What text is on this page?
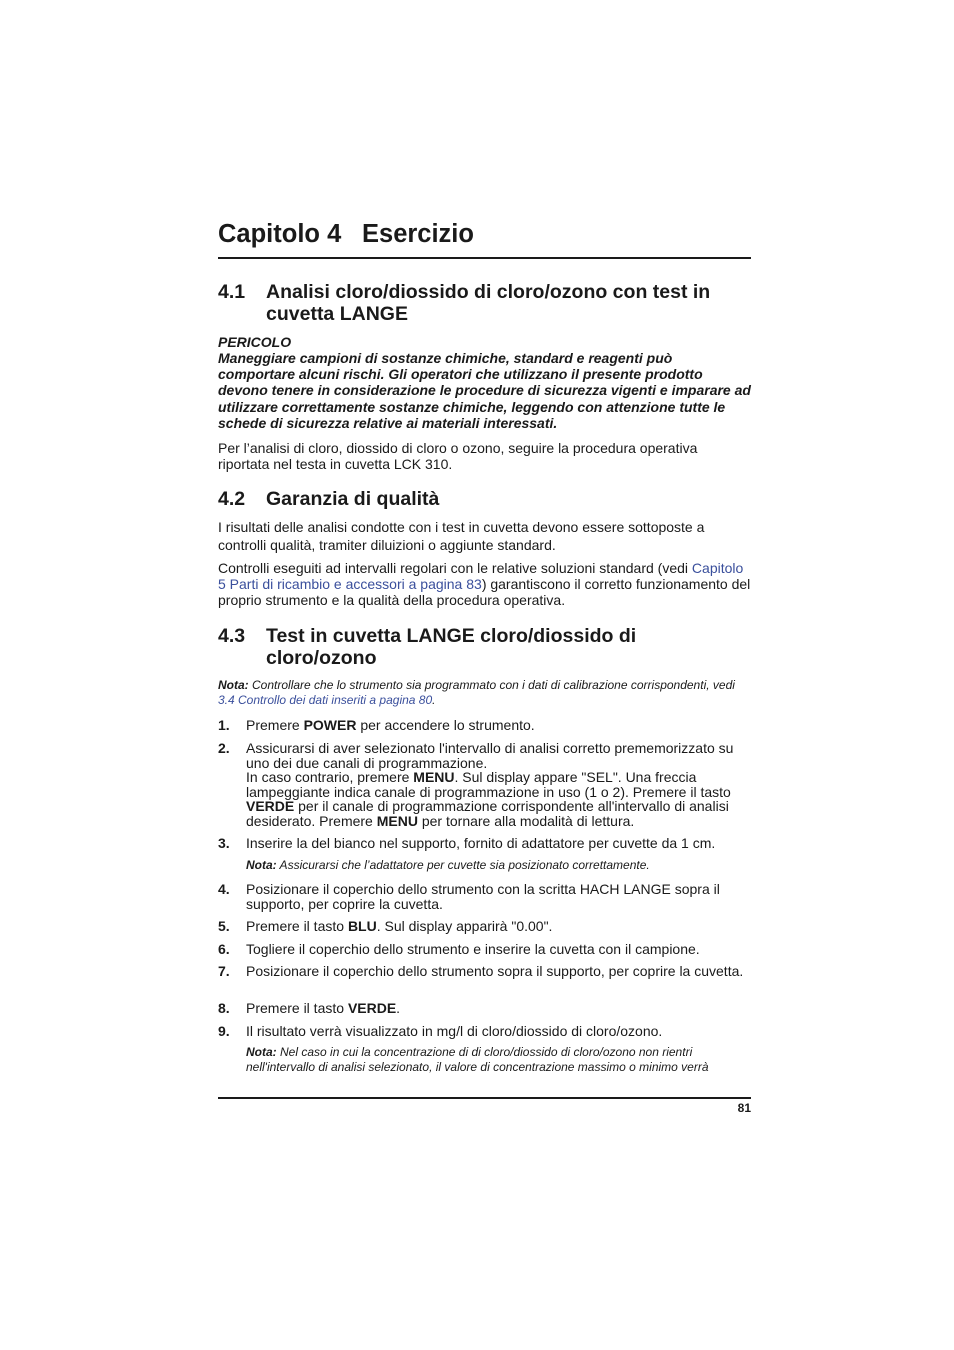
Capitolo 4 Esercizio
4.1	Analisi cloro/diossido di cloro/ozono con test in cuvetta LANGE
PERICOLO
Maneggiare campioni di sostanze chimiche, standard e reagenti può comportare alcuni rischi. Gli operatori che utilizzano il presente prodotto devono tenere in considerazione le procedure di sicurezza vigenti e imparare ad utilizzare correttamente sostanze chimiche, leggendo con attenzione tutte le schede di sicurezza relative ai materiali interessati.
Per l’analisi di cloro, diossido di cloro o ozono, seguire la procedura operativa riportata nel testa in cuvetta LCK 310.
4.2	Garanzia di qualità
I risultati delle analisi condotte con i test in cuvetta devono essere sottoposte a controlli qualità, tramiter diluizioni o aggiunte standard.
Controlli eseguiti ad intervalli regolari con le relative soluzioni standard (vedi Capitolo 5 Parti di ricambio e accessori a pagina 83) garantiscono il corretto funzionamento del proprio strumento e la qualità della procedura operativa.
4.3	Test in cuvetta LANGE cloro/diossido di cloro/ozono
Nota: Controllare che lo strumento sia programmato con i dati di calibrazione corrispondenti, vedi 3.4 Controllo dei dati inseriti a pagina 80.
1.	Premere POWER per accendere lo strumento.
2.	Assicurarsi di aver selezionato l'intervallo di analisi corretto prememorizzato su uno dei due canali di programmazione.
In caso contrario, premere MENU. Sul display appare "SEL". Una freccia lampeggiante indica canale di programmazione in uso (1 o 2). Premere il tasto VERDE per il canale di programmazione corrispondente all'intervallo di analisi desiderato. Premere MENU per tornare alla modalità di lettura.
3.	Inserire la del bianco nel supporto, fornito di adattatore per cuvette da 1 cm.
Nota: Assicurarsi che l’adattatore per cuvette sia posizionato correttamente.
4.	Posizionare il coperchio dello strumento con la scritta HACH LANGE sopra il supporto, per coprire la cuvetta.
5.	Premere il tasto BLU. Sul display apparirà "0.00".
6.	Togliere il coperchio dello strumento e inserire la cuvetta con il campione.
7.	Posizionare il coperchio dello strumento sopra il supporto, per coprire la cuvetta.
8.	Premere il tasto VERDE.
9.	Il risultato verrà visualizzato in mg/l di cloro/diossido di cloro/ozono.
Nota: Nel caso in cui la concentrazione di di cloro/diossido di cloro/ozono non rientri nell'intervallo di analisi selezionato, il valore di concentrazione massimo o minimo verrà
81
